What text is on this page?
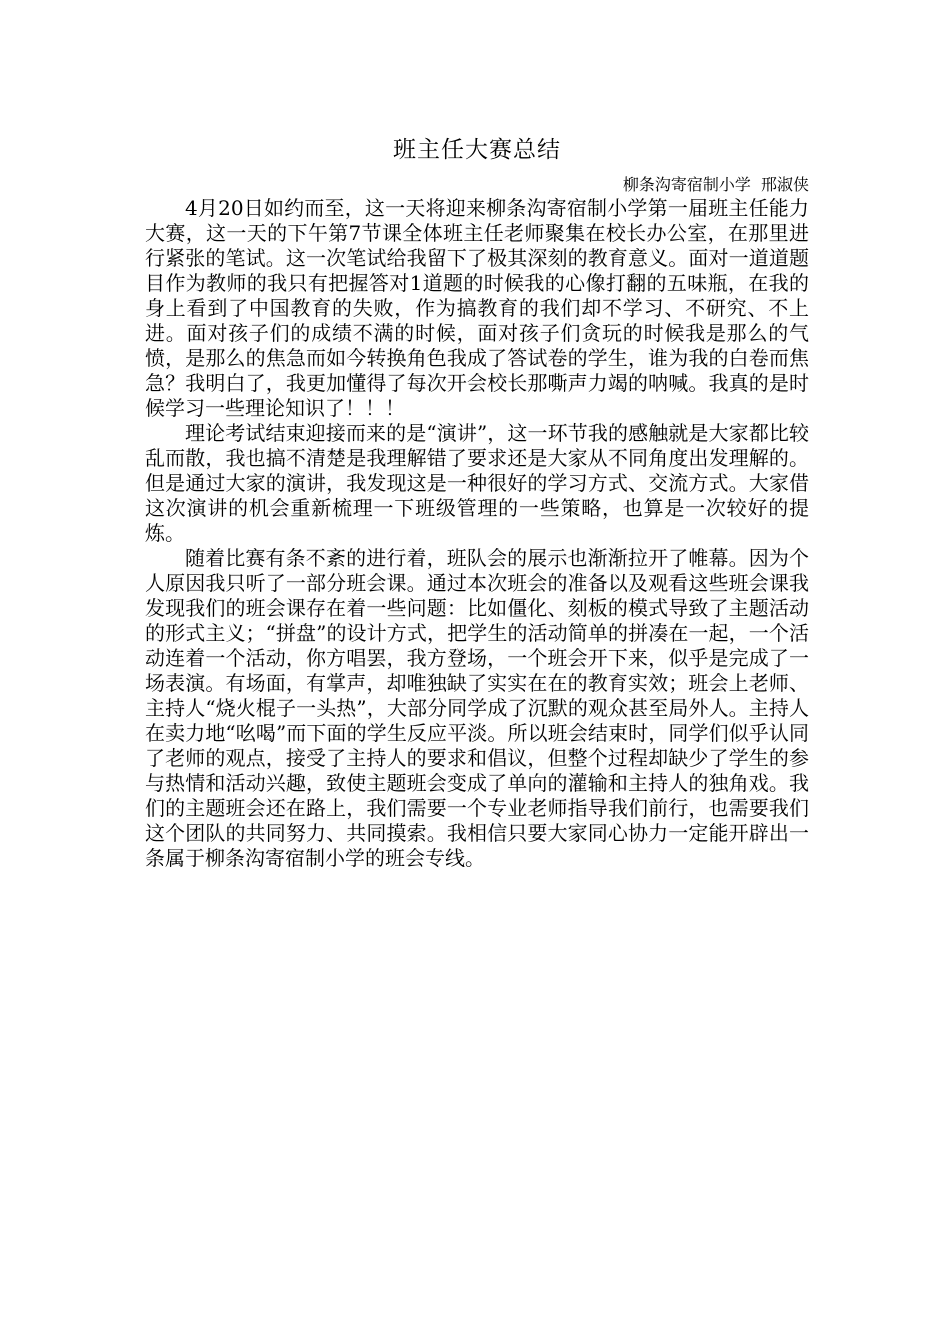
班主任大赛总结
柳条沟寄宿制小学  邢淑侠

4月20日如约而至，这一天将迎来柳条沟寄宿制小学第一届班主任能力大赛，这一天的下午第7节课全体班主任老师聚集在校长办公室，在那里进行紧张的笔试。这一次笔试给我留下了极其深刻的教育意义。面对一道道题目作为教师的我只有把握答对1道题的时候我的心像打翻的五味瓶，在我的身上看到了中国教育的失败，作为搞教育的我们却不学习、不研究、不上进。面对孩子们的成绩不满的时候，面对孩子们贪玩的时候我是那么的气愤，是那么的焦急而如今转换角色我成了答试卷的学生，谁为我的白卷而焦急？我明白了，我更加懂得了每次开会校长那嘶声力竭的呐喊。我真的是时候学习一些理论知识了！！！

理论考试结束迎接而来的是“演讲”，这一环节我的感触就是大家都比较乱而散，我也搞不清楚是我理解错了要求还是大家从不同角度出发理解的。但是通过大家的演讲，我发现这是一种很好的学习方式、交流方式。大家借这次演讲的机会重新梳理一下班级管理的一些策略，也算是一次较好的提炼。

随着比赛有条不紊的进行着，班队会的展示也渐渐拉开了帷幕。因为个人原因我只听了一部分班会课。通过本次班会的准备以及观看这些班会课我发现我们的班会课存在着一些问题：比如僵化、刻板的模式导致了主题活动的形式主义；“拼盘”的设计方式，把学生的活动简单的拼凑在一起，一个活动连着一个活动，你方唱罢，我方登场，一个班会开下来，似乎是完成了一场表演。有场面，有掌声，却唯独缺了实实在在的教育实效；班会上老师、主持人“烧火棍子一头热”，大部分同学成了沉默的观众甚至局外人。主持人在卖力地“吆喝”而下面的学生反应平淡。所以班会结束时，同学们似乎认同了老师的观点，接受了主持人的要求和倡议，但整个过程却缺少了学生的参与热情和活动兴趣，致使主题班会变成了单向的灌输和主持人的独角戏。我们的主题班会还在路上，我们需要一个专业老师指导我们前行，也需要我们这个团队的共同努力、共同摸索。我相信只要大家同心协力一定能开辟出一条属于柳条沟寄宿制小学的班会专线。
